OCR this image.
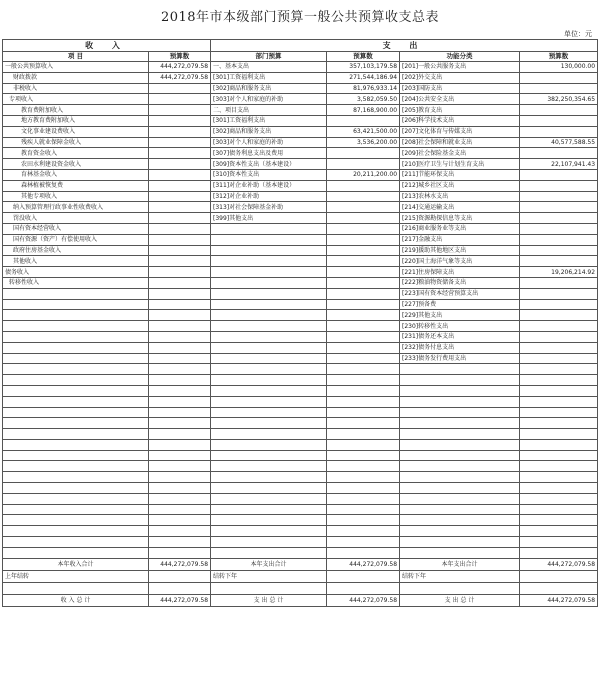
2018年市本级部门预算一般公共预算收支总表
单位：元
收 入		支 出			
项 目	预算数	部门预算	预算数	功能分类	预算数
一般公共预算收入	444,272,079.58	一、基本支出	357,103,179.58	[201]一般公共服务支出	130,000.00
财政拨款	444,272,079.58	[301]工资福利支出	271,544,186.94	[202]外交支出	
非税收入		[302]商品和服务支出	81,976,933.14	[203]国防支出	
专项收入		[303]对个人和家庭的补助	3,582,059.50	[204]公共安全支出	382,250,354.65
教育费附加收入		二、项目支出	87,168,900.00	[205]教育支出	
地方教育费附加收入		[301]工资福利支出		[206]科学技术支出	
文化事业建设费收入		[302]商品和服务支出	63,421,500.00	[207]文化体育与传媒支出	
残疾人就业保障金收入		[303]对个人和家庭的补助	3,536,200.00	[208]社会保障和就业支出	40,577,588.55
教育资金收入		[307]债务利息支出及费用		[209]社会保险基金支出	
农田水利建设资金收入		[309]资本性支出（基本建设）		[210]医疗卫生与计划生育支出	22,107,941.43
育林基金收入		[310]资本性支出	20,211,200.00	[211]节能环保支出	
森林植被恢复费		[311]对企业补助（基本建设）		[212]城乡社区支出	
其他专项收入		[312]对企业补助		[213]农林水支出	
纳入预算管理行政事业性收费收入		[313]对社会保障基金补助		[214]交通运输支出	
罚没收入		[399]其他支出		[215]资源勘探信息等支出	
国有资本经营收入				[216]商业服务业等支出	
国有资源（资产）有偿使用收入				[217]金融支出	
政府住房基金收入				[219]援助其他地区支出	
其他收入				[220]国土海洋气象等支出	
债务收入				[221]住房保障支出	19,206,214.92
转移性收入				[222]粮油物资储备支出	
				[223]国有资本经营预算支出	
				[227]预备费	
				[229]其他支出	
				[230]转移性支出	
				[231]债务还本支出	
				[232]债务付息支出	
				[233]债务发行费用支出	

本年收入合计	444,272,079.58	本年支出合计	444,272,079.58	本年支出合计	444,272,079.58
上年结转		结转下年		结转下年	

收 入 总 计	444,272,079.58	支 出 总 计	444,272,079.58	支 出 总 计	444,272,079.58
